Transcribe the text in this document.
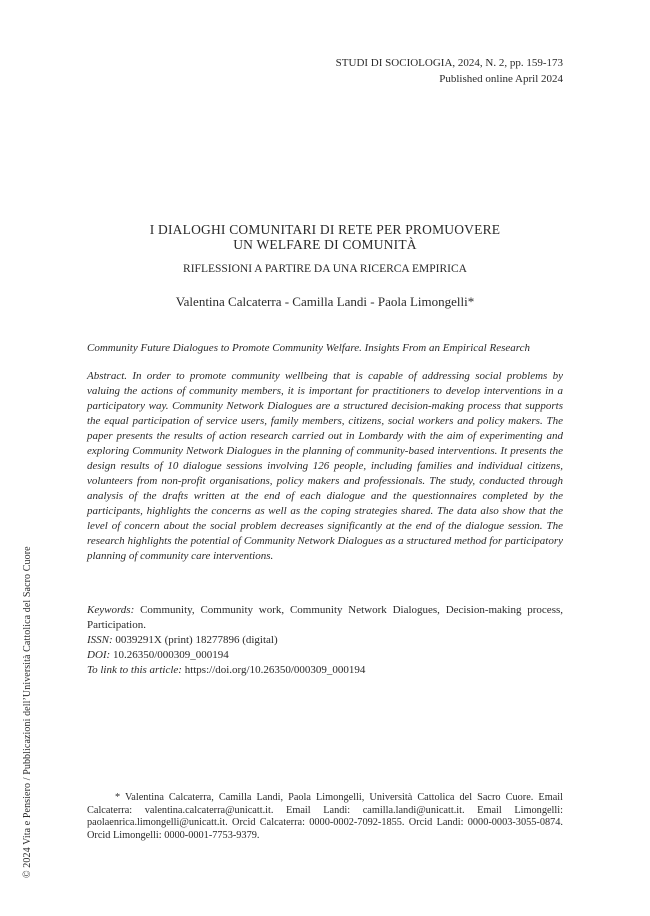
STUDI DI SOCIOLOGIA, 2024, N. 2, pp. 159-173
Published online April 2024
I DIALOGHI COMUNITARI DI RETE PER PROMUOVERE
UN WELFARE DI COMUNITÀ
RIFLESSIONI A PARTIRE DA UNA RICERCA EMPIRICA
Valentina Calcaterra - Camilla Landi - Paola Limongelli*
Community Future Dialogues to Promote Community Welfare. Insights From an Empirical Research
Abstract. In order to promote community wellbeing that is capable of addressing social problems by valuing the actions of community members, it is important for practitioners to develop interventions in a participatory way. Community Network Dialogues are a structured decision-making process that supports the equal participation of service users, family members, citizens, social workers and policy makers. The paper presents the results of action research carried out in Lombardy with the aim of experimenting and exploring Community Network Dialogues in the planning of community-based interventions. It presents the design results of 10 dialogue sessions involving 126 people, including families and individual citizens, volunteers from non-profit organisations, policy makers and professionals. The study, conducted through analysis of the drafts written at the end of each dialogue and the questionnaires completed by the participants, highlights the concerns as well as the coping strategies shared. The data also show that the level of concern about the social problem decreases significantly at the end of the dialogue session. The research highlights the potential of Community Network Dialogues as a structured method for participatory planning of community care interventions.
Keywords: Community, Community work, Community Network Dialogues, Decision-making process, Participation.
ISSN: 0039291X (print) 18277896 (digital)
DOI: 10.26350/000309_000194
To link to this article: https://doi.org/10.26350/000309_000194
* Valentina Calcaterra, Camilla Landi, Paola Limongelli, Università Cattolica del Sacro Cuore. Email Calcaterra: valentina.calcaterra@unicatt.it. Email Landi: camilla.landi@unicatt.it. Email Limongelli: paolaenrica.limongelli@unicatt.it. Orcid Calcaterra: 0000-0002-7092-1855. Orcid Landi: 0000-0003-3055-0874. Orcid Limongelli: 0000-0001-7753-9379.
© 2024 Vita e Pensiero / Pubblicazioni dell’Università Cattolica del Sacro Cuore
